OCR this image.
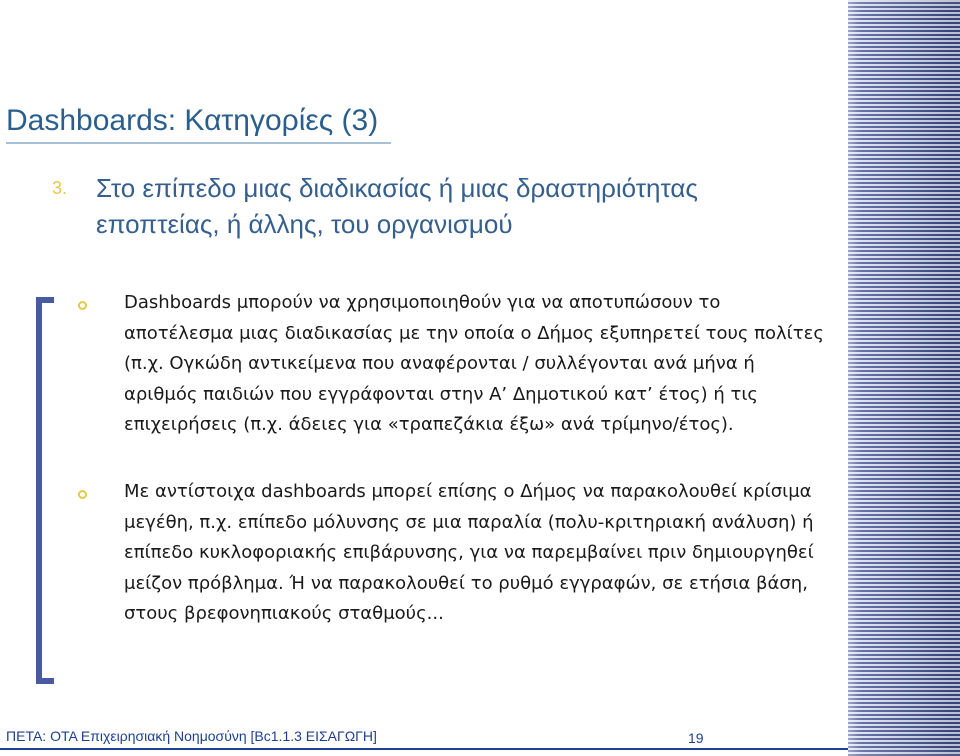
Dashboards: Κατηγορίες (3)
3. Στο επίπεδο μιας διαδικασίας ή μιας δραστηριότητας εποπτείας, ή άλλης, του οργανισμού

Dashboards μπορούν να χρησιμοποιηθούν για να αποτυπώσουν το αποτέλεσμα μιας διαδικασίας με την οποία ο Δήμος εξυπηρετεί τους πολίτες (π.χ. Ογκώδη αντικείμενα που αναφέρονται / συλλέγονται ανά μήνα ή αριθμός παιδιών που εγγράφονται στην Α’ Δημοτικού κατ’ έτος) ή τις επιχειρήσεις (π.χ. άδειες για «τραπεζάκια έξω» ανά τρίμηνο/έτος).

Με αντίστοιχα dashboards μπορεί επίσης ο Δήμος να παρακολουθεί κρίσιμα μεγέθη, π.χ. επίπεδο μόλυνσης σε μια παραλία (πολυ-κριτηριακή ανάλυση) ή επίπεδο κυκλοφοριακής επιβάρυνσης, για να παρεμβαίνει πριν δημιουργηθεί μείζον πρόβλημα. Ή να παρακολουθεί το ρυθμό εγγραφών, σε ετήσια βάση, στους βρεφονηπιακούς σταθμούς...

ΠΕΤΑ: ΟΤΑ Επιχειρησιακή Νοημοσύνη [Βc1.1.3 ΕΙΣΑΓΩΓΗ]	19
